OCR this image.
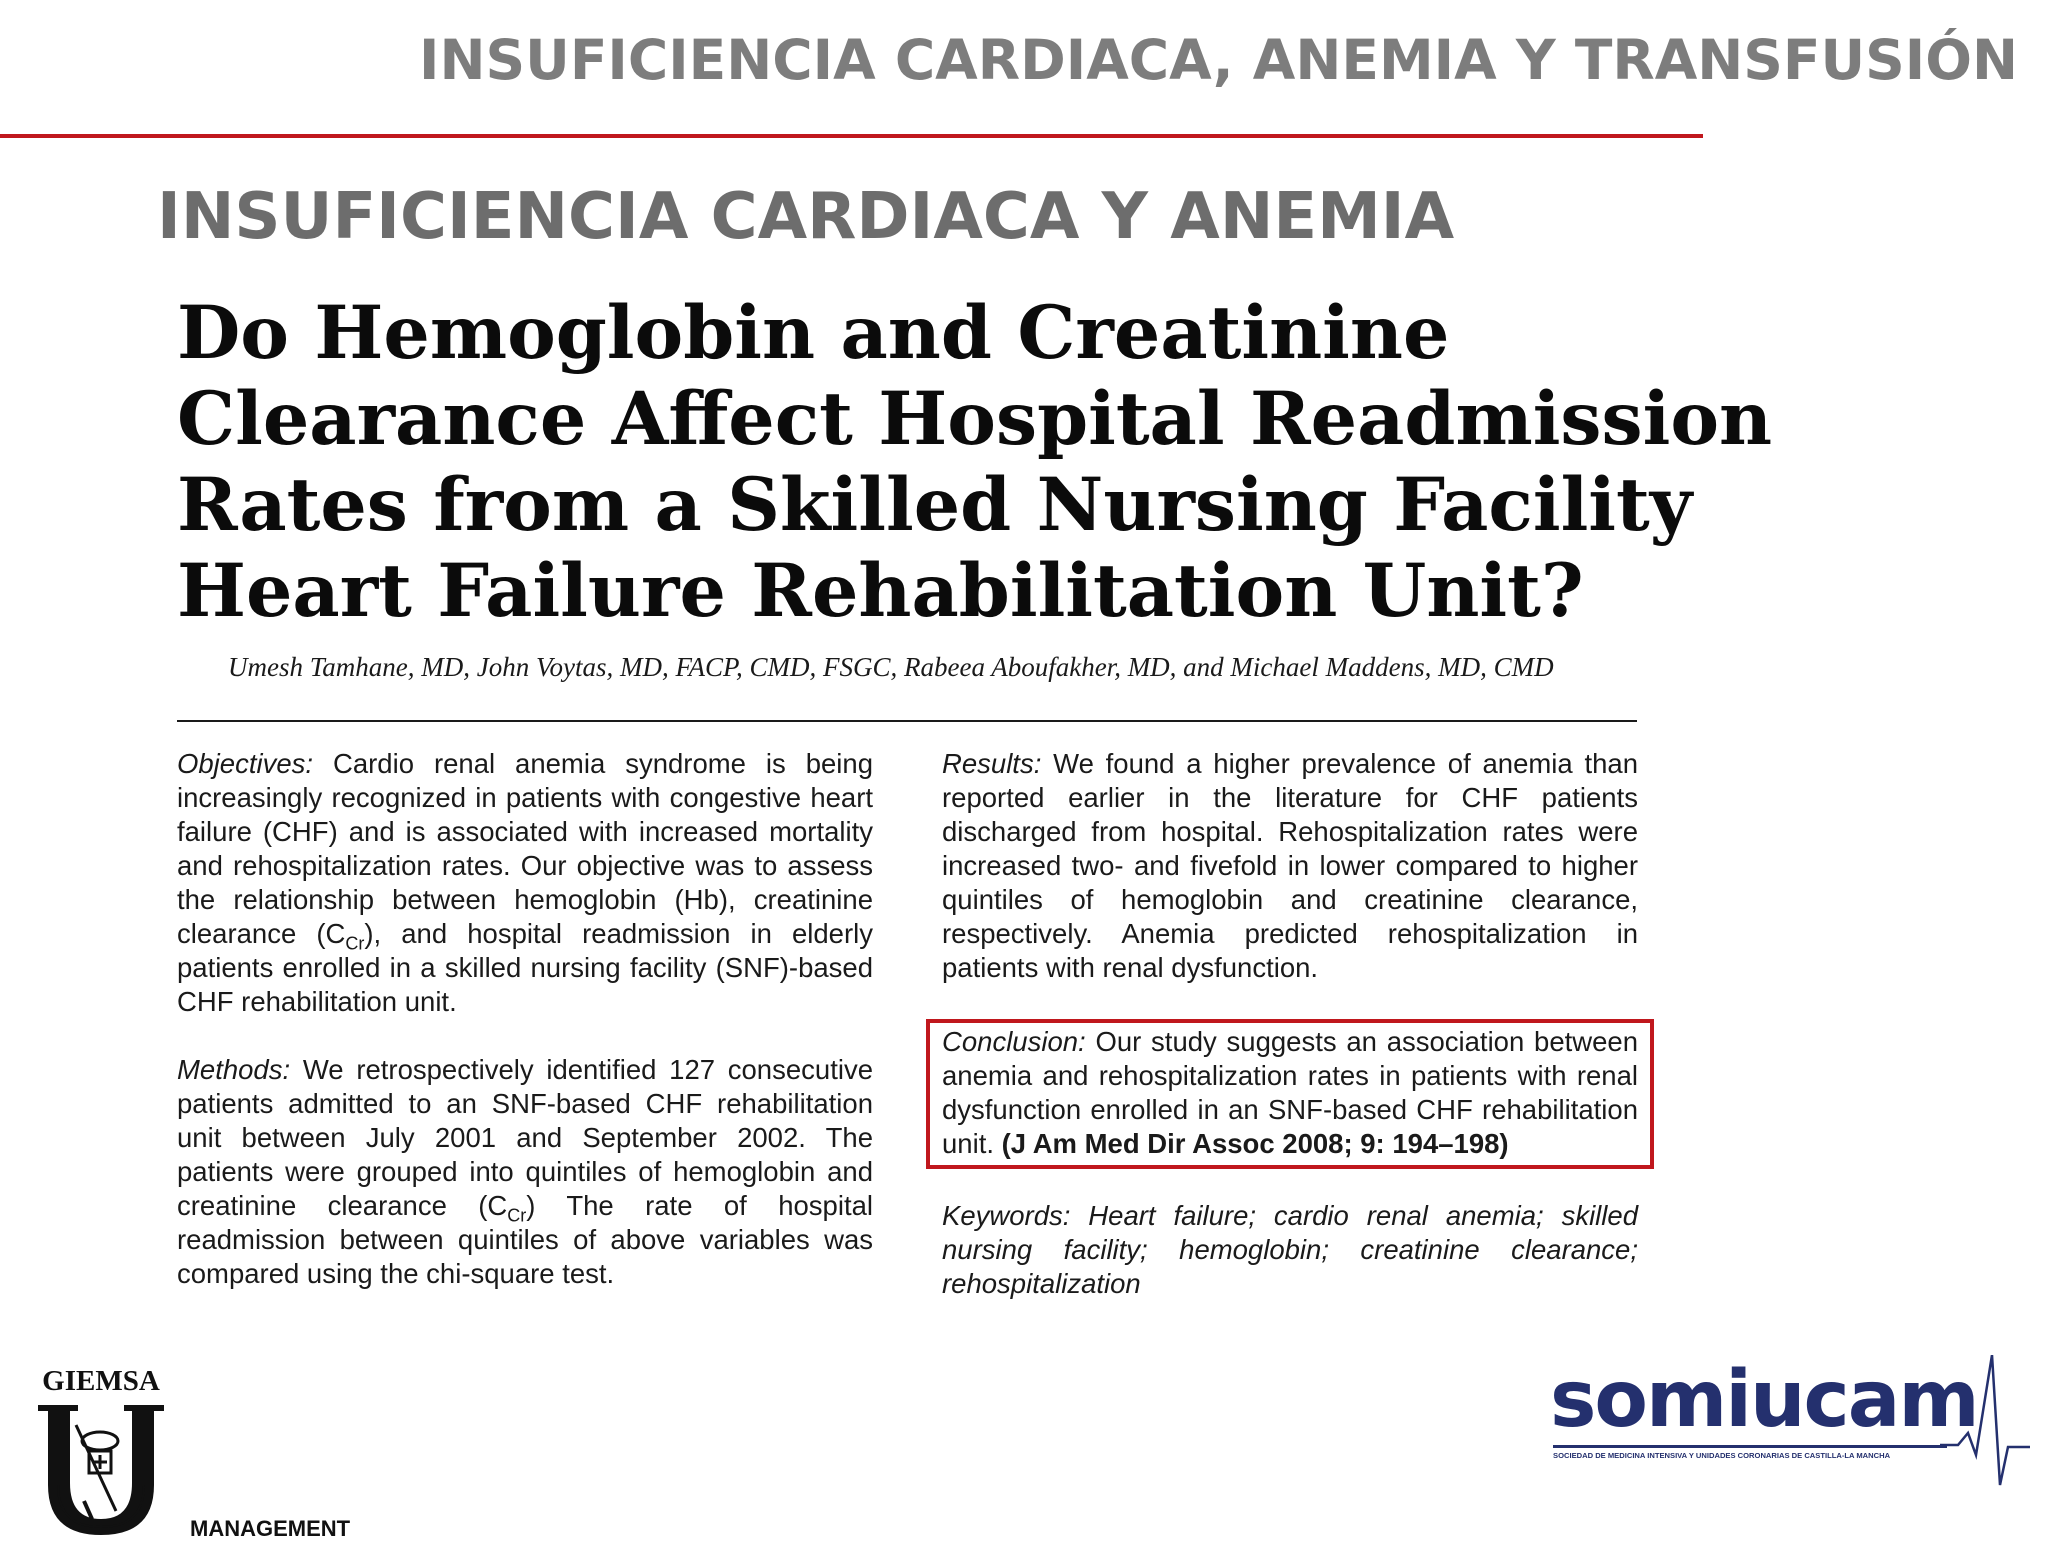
INSUFICIENCIA CARDIACA, ANEMIA Y TRANSFUSIÓN
INSUFICIENCIA CARDIACA Y ANEMIA
Do Hemoglobin and Creatinine
Clearance Affect Hospital Readmission
Rates from a Skilled Nursing Facility
Heart Failure Rehabilitation Unit?
Umesh Tamhane, MD, John Voytas, MD, FACP, CMD, FSGC, Rabeea Aboufakher, MD, and Michael Maddens, MD, CMD

Objectives: Cardio renal anemia syndrome is being increasingly recognized in patients with congestive heart failure (CHF) and is associated with increased mortality and rehospitalization rates. Our objective was to assess the relationship between hemoglobin (Hb), creatinine clearance $(C_{Cr})$, and hospital readmission in elderly patients enrolled in a skilled nursing facility (SNF)-based CHF rehabilitation unit.

Methods: We retrospectively identified 127 consecutive patients admitted to an SNF-based CHF rehabilitation unit between July 2001 and September 2002. The patients were grouped into quintiles of hemoglobin and creatinine clearance $(C_{Cr})$ The rate of hospital readmission between quintiles of above variables was compared using the chi-square test.

Results: We found a higher prevalence of anemia than reported earlier in the literature for CHF patients discharged from hospital. Rehospitalization rates were increased two- and fivefold in lower compared to higher quintiles of hemoglobin and creatinine clearance, respectively. Anemia predicted rehospitalization in patients with renal dysfunction.

Conclusion: Our study suggests an association between anemia and rehospitalization rates in patients with renal dysfunction enrolled in an SNF-based CHF rehabilitation unit. (J Am Med Dir Assoc 2008; 9: 194–198)

Keywords: Heart failure; cardio renal anemia; skilled nursing facility; hemoglobin; creatinine clearance; rehospitalization

GIEMSA
MANAGEMENT
somiucam
SOCIEDAD DE MEDICINA INTENSIVA Y UNIDADES CORONARIAS DE CASTILLA-LA MANCHA
